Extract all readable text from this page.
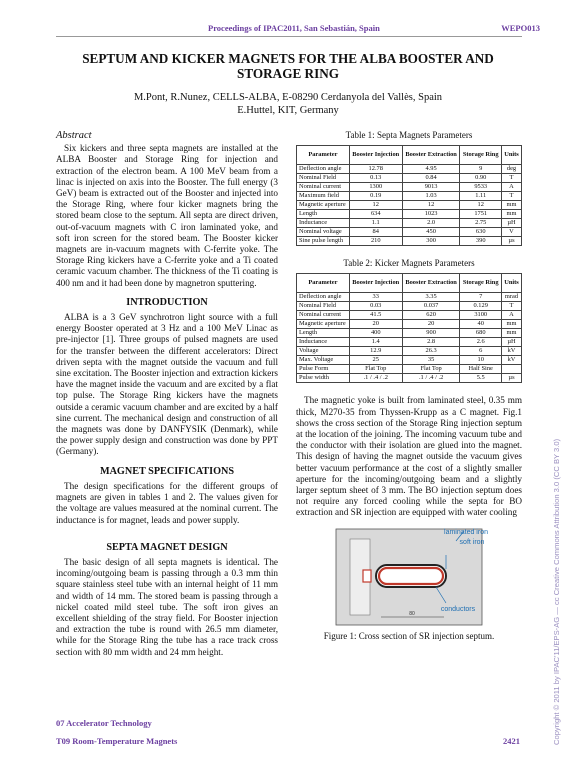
Proceedings of IPAC2011, San Sebastián, Spain	WEPO013
SEPTUM AND KICKER MAGNETS FOR THE ALBA BOOSTER AND STORAGE RING
M.Pont, R.Nunez, CELLS-ALBA, E-08290 Cerdanyola del Vallès, Spain
E.Huttel, KIT, Germany
Abstract

Six kickers and three septa magnets are installed at the ALBA Booster and Storage Ring for injection and extraction of the electron beam. A 100 MeV beam from a linac is injected on axis into the Booster. The full energy (3 GeV) beam is extracted out of the Booster and injected into the Storage Ring, where four kicker magnets bring the stored beam close to the septum. All septa are direct driven, out-of-vacuum magnets with C iron laminated yoke, and soft iron screen for the stored beam. The Booster kicker magnets are in-vacuum magnets with C-ferrite yoke. The Storage Ring kickers have a C-ferrite yoke and a Ti coated ceramic vacuum chamber. The thickness of the Ti coating is 400 nm and it had been done by magnetron sputtering.

INTRODUCTION

ALBA is a 3 GeV synchrotron light source with a full energy Booster operated at 3 Hz and a 100 MeV Linac as pre-injector [1]. Three groups of pulsed magnets are used for the transfer between the different accelerators: Direct driven septa with the magnet outside the vacuum and full sine excitation. The Booster injection and extraction kickers have the magnet inside the vacuum and are excited by a flat top pulse. The Storage Ring kickers have the magnets outside a ceramic vacuum chamber and are excited by a half sine current. The mechanical design and construction of all the magnets was done by DANFYSIK (Denmark), while the power supply design and construction was done by PPT (Germany).

MAGNET SPECIFICATIONS

The design specifications for the different groups of magnets are given in tables 1 and 2. The values given for the voltage are values measured at the nominal current. The inductance is for magnet, leads and power supply.

SEPTA MAGNET DESIGN

The basic design of all septa magnets is identical. The incoming/outgoing beam is passing through a 0.3 mm thin square stainless steel tube with an internal height of 11 mm and width of 14 mm. The stored beam is passing through a nickel coated mild steel tube. The soft iron gives an excellent shielding of the stray field. For Booster injection and extraction the tube is round with 26.5 mm diameter, while for the Storage Ring the tube has a race track cross section with 80 mm width and 24 mm height.

Table 1: Septa Magnets Parameters
Parameter	Booster Injection	Booster Extraction	Storage Ring	Units
Deflection angle	12.78	4.95	9	deg
Nominal Field	0.13	0.84	0.90	T
Nominal current	1300	9013	9533	A
Maximum field	0.19	1.03	1.11	T
Magnetic aperture	12	12	12	mm
Length	634	1023	1751	mm
Inductance	1.1	2.0	2.75	µH
Nominal voltage	84	450	630	V
Sine pulse length	210	300	390	µs
Table 2: Kicker Magnets Parameters
Parameter	Booster Injection	Booster Extraction	Storage Ring	Units
Deflection angle	33	3.35	7	mrad
Nominal Field	0.03	0.037	0.129	T
Nominal current	41.5	620	3100	A
Magnetic aperture	20	20	40	mm
Length	400	900	680	mm
Inductance	1.4	2.8	2.6	µH
Voltage	12.9	26.3	6	kV
Max. Voltage	25	35	10	kV
Pulse Form	Flat Top	Flat Top	Half Sine	
Pulse width	.1 / .4 / .2	.1 / .4 / .2	5.5	µs

The magnetic yoke is built from laminated steel, 0.35 mm thick, M270-35 from Thyssen-Krupp as a C magnet. Fig.1 shows the cross section of the Storage Ring injection septum at the location of the joining. The incoming vacuum tube and the conductor with their isolation are glued into the magnet. This design of having the magnet outside the vacuum gives better vacuum performance at the cost of a slightly smaller aperture for the incoming/outgoing beam and a slightly larger septum sheet of 3 mm. The BO injection septum does not require any forced cooling while the septa for BO extraction and SR injection are equipped with water cooling

laminated iron
soft iron
conductors
80
Figure 1: Cross section of SR injection septum.
07 Accelerator Technology
T09 Room-Temperature Magnets	2421	Copyright © 2011 by IPAC'11/EPS-AG — cc Creative Commons Attribution 3.0 (CC BY 3.0)
